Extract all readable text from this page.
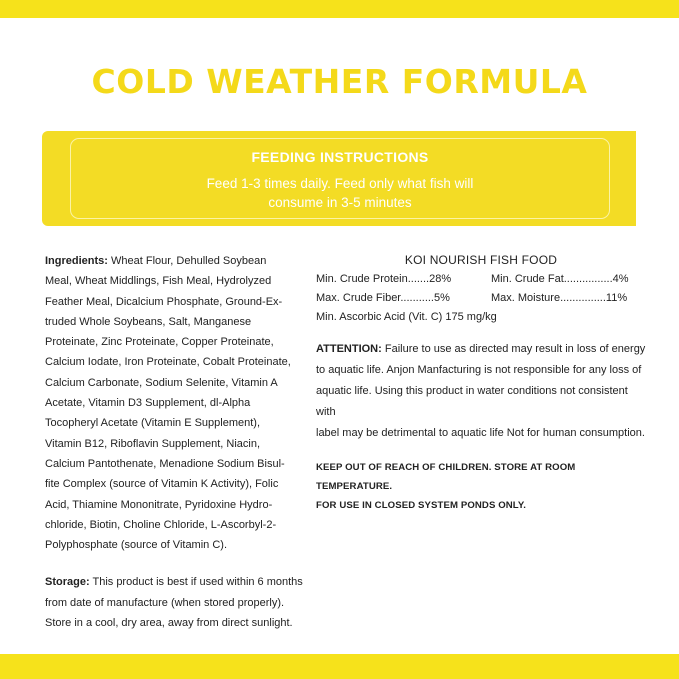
COLD WEATHER FORMULA
FEEDING INSTRUCTIONS
Feed 1-3 times daily. Feed only what fish will
consume in 3-5 minutes
Ingredients: Wheat Flour, Dehulled Soybean
Meal, Wheat Middlings, Fish Meal, Hydrolyzed
Feather Meal, Dicalcium Phosphate, Ground-Ex-
truded Whole Soybeans, Salt, Manganese
Proteinate, Zinc Proteinate, Copper Proteinate,
Calcium Iodate, Iron Proteinate, Cobalt Proteinate,
Calcium Carbonate, Sodium Selenite, Vitamin A
Acetate, Vitamin D3 Supplement, dl-Alpha
Tocopheryl Acetate (Vitamin E Supplement),
Vitamin B12, Riboflavin Supplement, Niacin,
Calcium Pantothenate, Menadione Sodium Bisul-
fite Complex (source of Vitamin K Activity), Folic
Acid, Thiamine Mononitrate, Pyridoxine Hydro-
chloride, Biotin, Choline Chloride, L-Ascorbyl-2-
Polyphosphate (source of Vitamin C).
Storage: This product is best if used within 6 months
from date of manufacture (when stored properly).
Store in a cool, dry area, away from direct sunlight.
KOI NOURISH FISH FOOD
Min. Crude Protein.......28%	Min. Crude Fat................4%
Max. Crude Fiber...........5%	Max. Moisture...............11%
Min. Ascorbic Acid (Vit. C) 175 mg/kg
ATTENTION: Failure to use as directed may result in loss of energy
to aquatic life. Anjon Manfacturing is not responsible for any loss of
aquatic life. Using this product in water conditions not consistent with
label may be detrimental to aquatic life Not for human consumption.
KEEP OUT OF REACH OF CHILDREN. STORE AT ROOM TEMPERATURE.
FOR USE IN CLOSED SYSTEM PONDS ONLY.
